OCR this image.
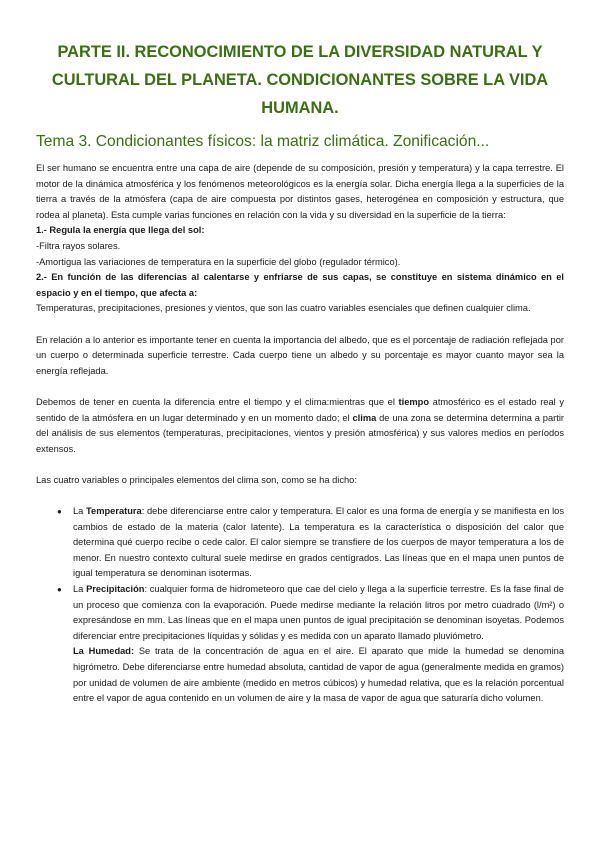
PARTE II. RECONOCIMIENTO DE LA DIVERSIDAD NATURAL Y CULTURAL DEL PLANETA. CONDICIONANTES SOBRE LA VIDA HUMANA.
Tema 3. Condicionantes físicos: la matriz climática. Zonificación...

El ser humano se encuentra entre una capa de aire (depende de su composición, presión y temperatura) y la capa terrestre. El motor de la dinámica atmosférica y los fenómenos meteorológicos es la energía solar. Dicha energía llega a la superficies de la tierra a través de la atmósfera (capa de aire compuesta por distintos gases, heterogénea en composición y estructura, que rodea al planeta). Esta cumple varias funciones en relación con la vida y su diversidad en la superficie de la tierra:

1.- Regula la energía que llega del sol:

-Filtra rayos solares.

-Amortigua las variaciones de temperatura en la superficie del globo (regulador térmico).

2.- En función de las diferencias al calentarse y enfriarse de sus capas, se constituye en sistema dinámico en el espacio y en el tiempo, que afecta a:

Temperaturas, precipitaciones, presiones y vientos, que son las cuatro variables esenciales que definen cualquier clima.

En relación a lo anterior es importante tener en cuenta la importancia del albedo, que es el porcentaje de radiación reflejada por un cuerpo o determinada superficie terrestre. Cada cuerpo tiene un albedo y su porcentaje es mayor cuanto mayor sea la energía reflejada.

Debemos de tener en cuenta la diferencia entre el tiempo y el clima:mientras que el tiempo atmosférico es el estado real y sentido de la atmósfera en un lugar determinado y en un momento dado; el clima de una zona se determina determina a partir del análisis de sus elementos (temperaturas, precipitaciones, vientos y presión atmosférica) y sus valores medios en períodos extensos.

Las cuatro variables o principales elementos del clima son, como se ha dicho:

● La Temperatura: debe diferenciarse entre calor y temperatura. El calor es una forma de energía y se manifiesta en los cambios de estado de la materia (calor latente). La temperatura es la característica o disposición del calor que determina qué cuerpo recibe o cede calor. El calor siempre se transfiere de los cuerpos de mayor temperatura a los de menor. En nuestro contexto cultural suele medirse en grados centígrados. Las líneas que en el mapa unen puntos de igual temperatura se denominan isotermas.
● La Precipitación: cualquier forma de hidrometeoro que cae del cielo y llega a la superficie terrestre. Es la fase final de un proceso que comienza con la evaporación. Puede medirse mediante la relación litros por metro cuadrado (l/m²) o expresándose en mm. Las líneas que en el mapa unen puntos de igual precipitación se denominan isoyetas. Podemos diferenciar entre precipitaciones líquidas y sólidas y es medida con un aparato llamado pluviómetro.

La Humedad: Se trata de la concentración de agua en el aire. El aparato que mide la humedad se denomina higrómetro. Debe diferenciarse entre humedad absoluta, cantidad de vapor de agua (generalmente medida en gramos) por unidad de volumen de aire ambiente (medido en metros cúbicos) y humedad relativa, que es la relación porcentual entre el vapor de agua contenido en un volumen de aire y la masa de vapor de agua que saturaría dicho volumen.
